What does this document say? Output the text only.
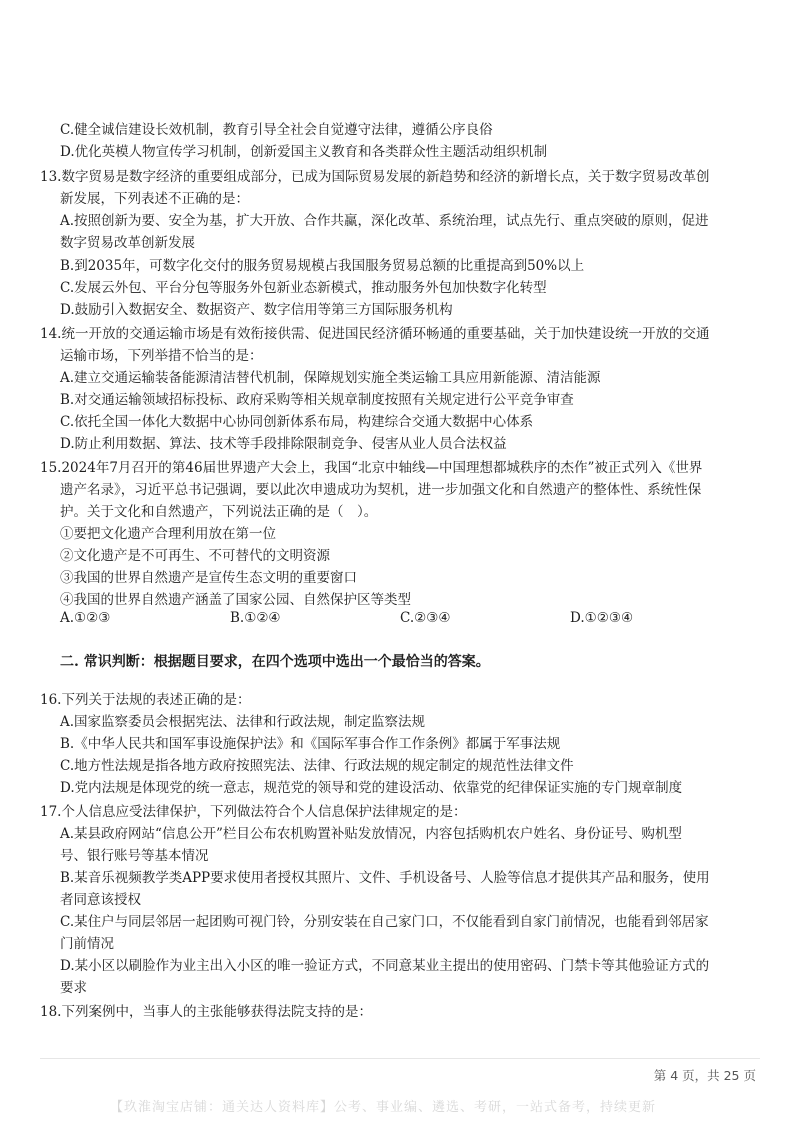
C.健全诚信建设长效机制，教育引导全社会自觉遵守法律，遵循公序良俗
D.优化英模人物宣传学习机制，创新爱国主义教育和各类群众性主题活动组织机制
13.数字贸易是数字经济的重要组成部分，已成为国际贸易发展的新趋势和经济的新增长点，关于数字贸易改革创
新发展，下列表述不正确的是：
A.按照创新为要、安全为基，扩大开放、合作共赢，深化改革、系统治理，试点先行、重点突破的原则，促进
数字贸易改革创新发展
B.到2035年，可数字化交付的服务贸易规模占我国服务贸易总额的比重提高到50%以上
C.发展云外包、平台分包等服务外包新业态新模式，推动服务外包加快数字化转型
D.鼓励引入数据安全、数据资产、数字信用等第三方国际服务机构
14.统一开放的交通运输市场是有效衔接供需、促进国民经济循环畅通的重要基础，关于加快建设统一开放的交通
运输市场，下列举措不恰当的是：
A.建立交通运输装备能源清洁替代机制，保障规划实施全类运输工具应用新能源、清洁能源
B.对交通运输领域招标投标、政府采购等相关规章制度按照有关规定进行公平竞争审查
C.依托全国一体化大数据中心协同创新体系布局，构建综合交通大数据中心体系
D.防止利用数据、算法、技术等手段排除限制竞争、侵害从业人员合法权益
15.2024年7月召开的第46届世界遗产大会上，我国“北京中轴线—中国理想都城秩序的杰作”被正式列入《世界
遗产名录》，习近平总书记强调，要以此次申遗成功为契机，进一步加强文化和自然遗产的整体性、系统性保
护。关于文化和自然遗产，下列说法正确的是（　）。
①要把文化遗产合理利用放在第一位
②文化遗产是不可再生、不可替代的文明资源
③我国的世界自然遗产是宣传生态文明的重要窗口
④我国的世界自然遗产涵盖了国家公园、自然保护区等类型
A.①②③	B.①②④	C.②③④	D.①②③④
二. 常识判断：根据题目要求，在四个选项中选出一个最恰当的答案。
16.下列关于法规的表述正确的是：
A.国家监察委员会根据宪法、法律和行政法规，制定监察法规
B.《中华人民共和国军事设施保护法》和《国际军事合作工作条例》都属于军事法规
C.地方性法规是指各地方政府按照宪法、法律、行政法规的规定制定的规范性法律文件
D.党内法规是体现党的统一意志，规范党的领导和党的建设活动、依靠党的纪律保证实施的专门规章制度
17.个人信息应受法律保护，下列做法符合个人信息保护法律规定的是：
A.某县政府网站“信息公开”栏目公布农机购置补贴发放情况，内容包括购机农户姓名、身份证号、购机型
号、银行账号等基本情况
B.某音乐视频教学类APP要求使用者授权其照片、文件、手机设备号、人脸等信息才提供其产品和服务，使用
者同意该授权
C.某住户与同层邻居一起团购可视门铃，分别安装在自己家门口，不仅能看到自家门前情况，也能看到邻居家
门前情况
D.某小区以刷脸作为业主出入小区的唯一验证方式，不同意某业主提出的使用密码、门禁卡等其他验证方式的
要求
18.下列案例中，当事人的主张能够获得法院支持的是：
第 4 页，共 25 页
【玖淮淘宝店铺：通关达人资料库】公考、事业编、遴选、考研，一站式备考，持续更新
